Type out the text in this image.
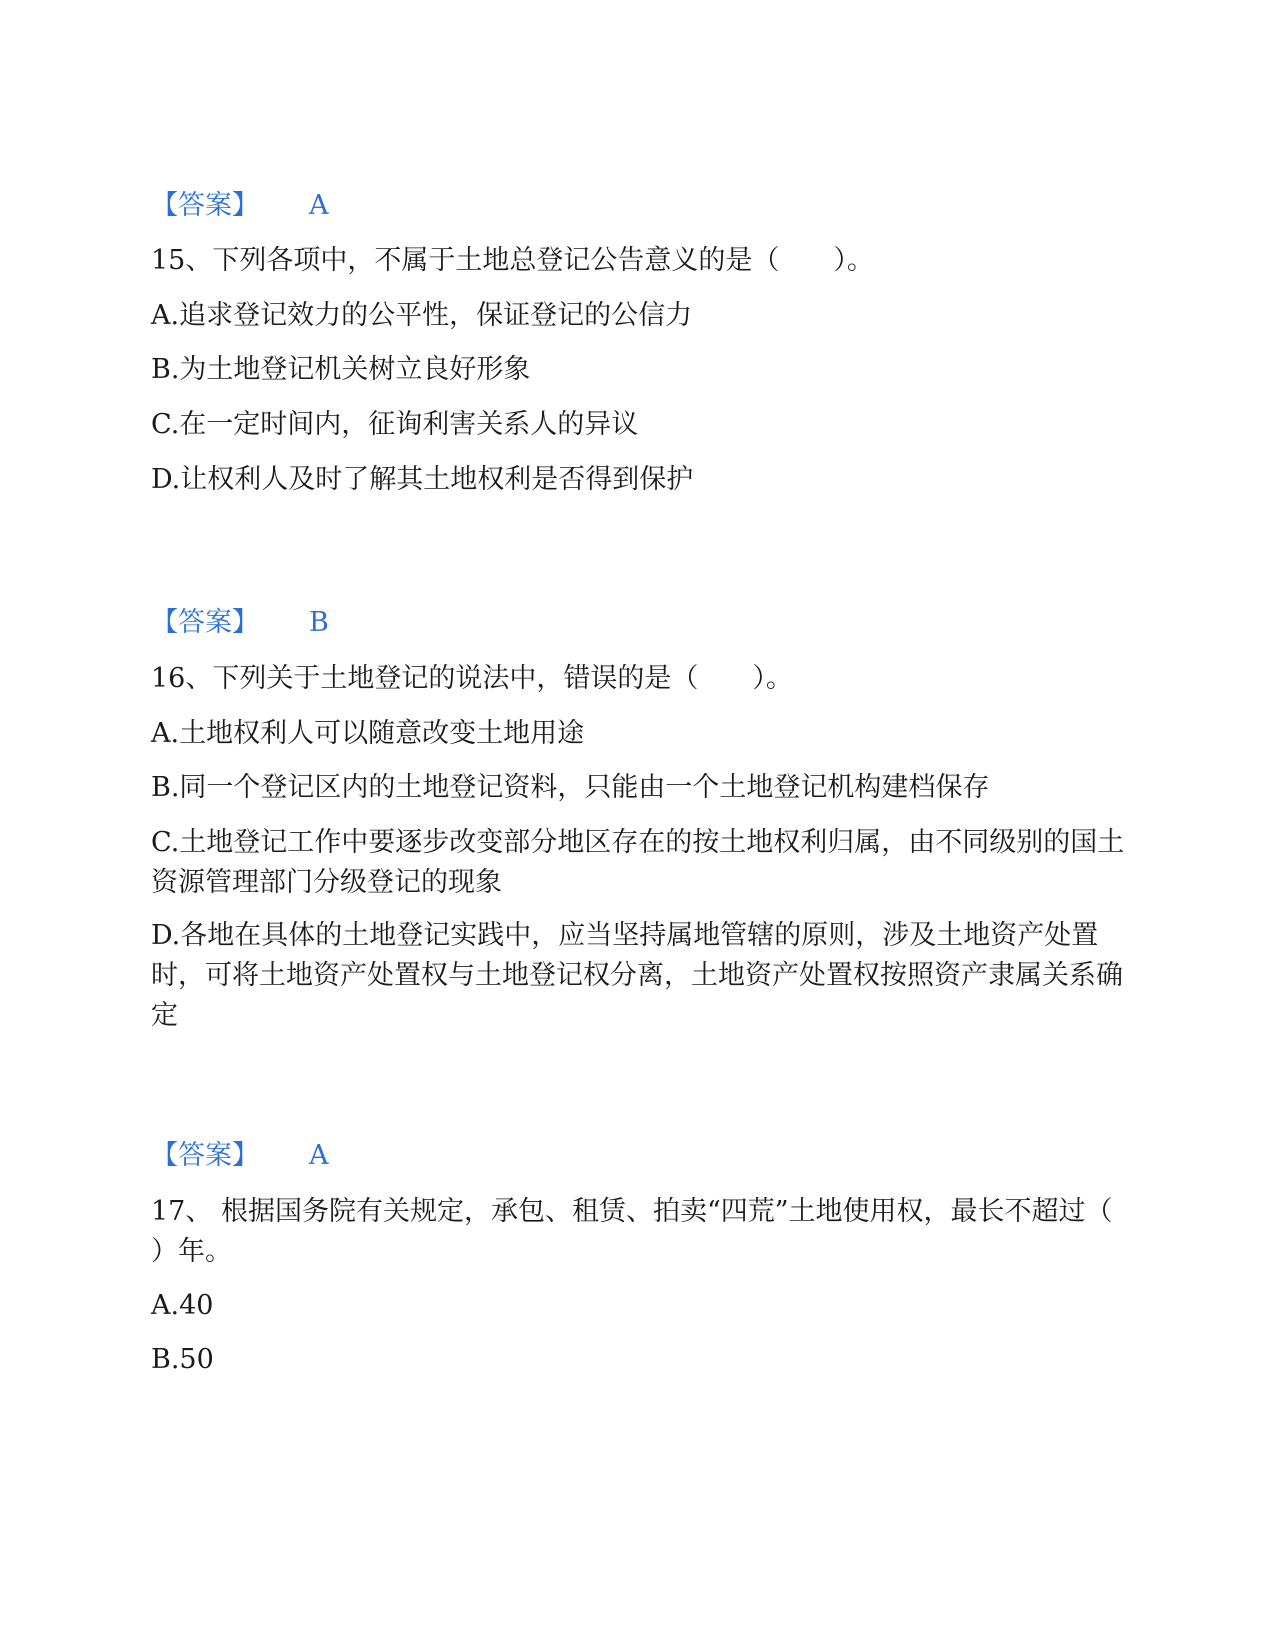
【答案】 A
15、下列各项中，不属于土地总登记公告意义的是（　　）。
A.追求登记效力的公平性，保证登记的公信力
B.为土地登记机关树立良好形象
C.在一定时间内，征询利害关系人的异议
D.让权利人及时了解其土地权利是否得到保护
【答案】 B
16、下列关于土地登记的说法中，错误的是（　　）。
A.土地权利人可以随意改变土地用途
B.同一个登记区内的土地登记资料，只能由一个土地登记机构建档保存
C.土地登记工作中要逐步改变部分地区存在的按土地权利归属，由不同级别的国土资源管理部门分级登记的现象
D.各地在具体的土地登记实践中，应当坚持属地管辖的原则，涉及土地资产处置时，可将土地资产处置权与土地登记权分离，土地资产处置权按照资产隶属关系确定
【答案】 A
17、 根据国务院有关规定，承包、租赁、拍卖“四荒”土地使用权，最长不超过（　　）年。
A.40
B.50
